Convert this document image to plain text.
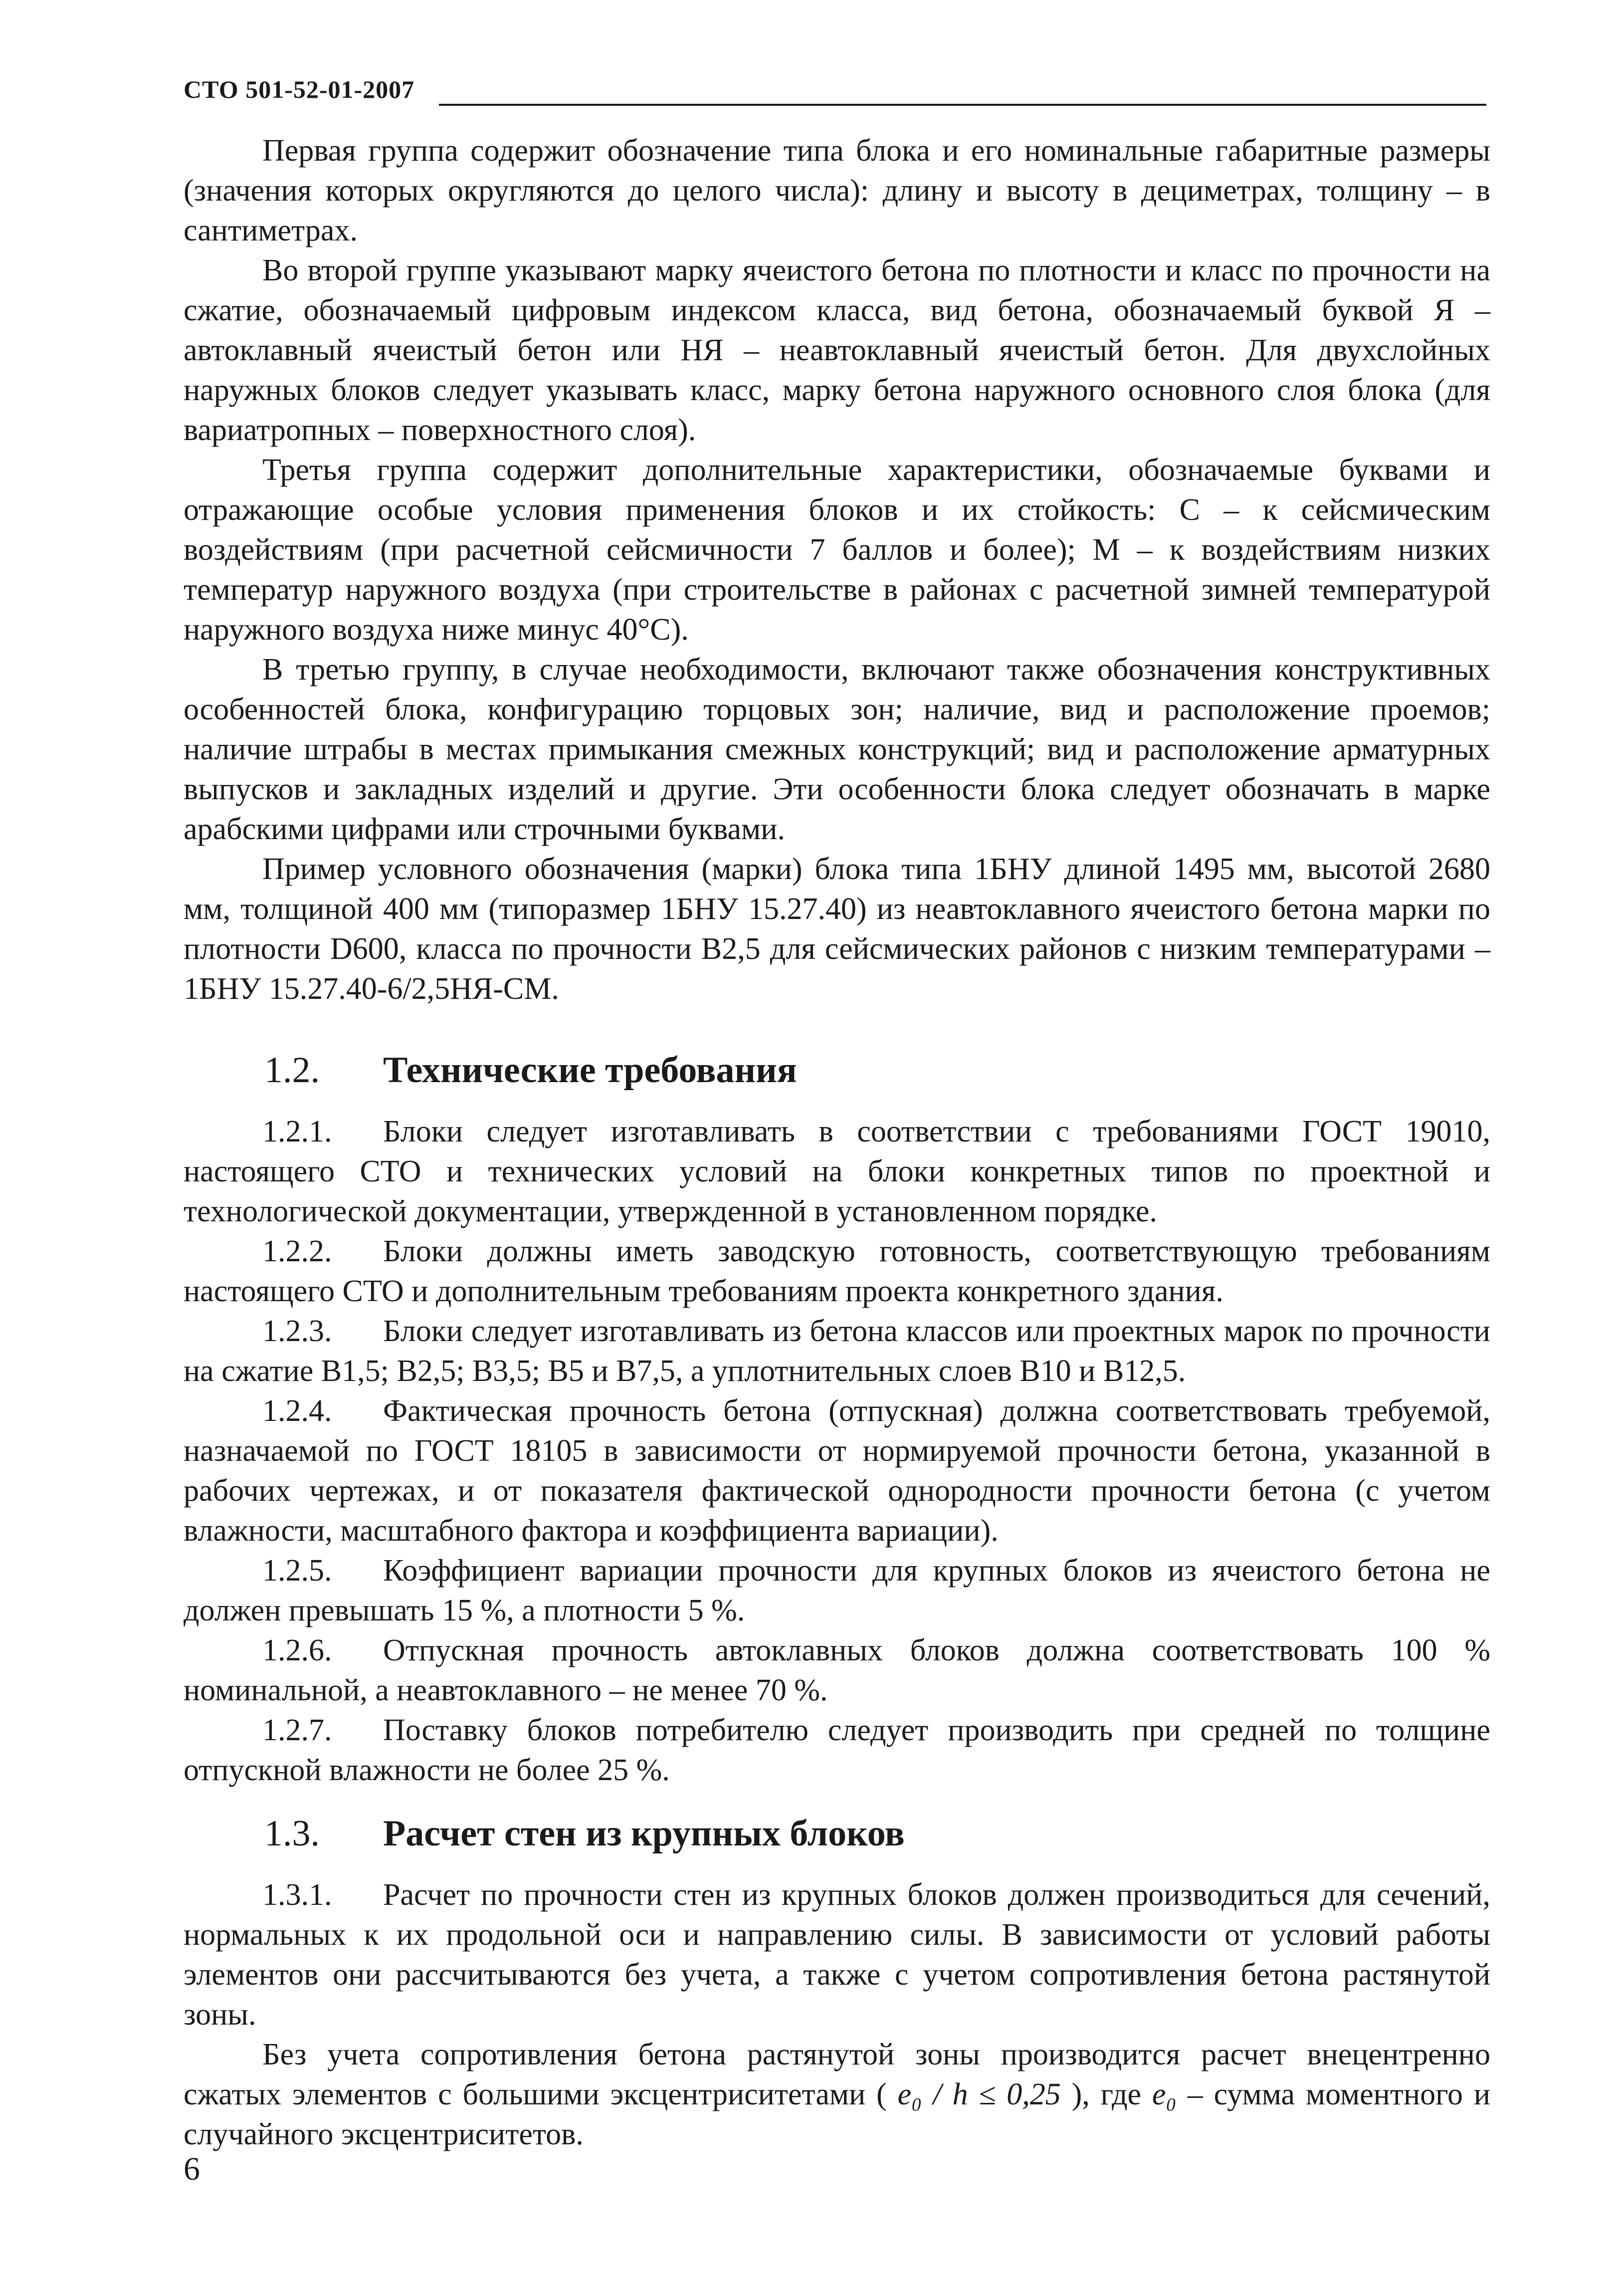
СТО 501-52-01-2007

Первая группа содержит обозначение типа блока и его номинальные габаритные размеры (значения которых округляются до целого числа): длину и высоту в дециметрах, толщину – в сантиметрах.

Во второй группе указывают марку ячеистого бетона по плотности и класс по прочности на сжатие, обозначаемый цифровым индексом класса, вид бетона, обозначаемый буквой Я – автоклавный ячеистый бетон или НЯ – неавтоклавный ячеистый бетон. Для двухслойных наружных блоков следует указывать класс, марку бетона наружного основного слоя блока (для вариатропных – поверхностного слоя).

Третья группа содержит дополнительные характеристики, обозначаемые буквами и отражающие особые условия применения блоков и их стойкость: С – к сейсмическим воздействиям (при расчетной сейсмичности 7 баллов и более); М – к воздействиям низких температур наружного воздуха (при строительстве в районах с расчетной зимней температурой наружного воздуха ниже минус 40°С).

В третью группу, в случае необходимости, включают также обозначения конструктивных особенностей блока, конфигурацию торцовых зон; наличие, вид и расположение проемов; наличие штрабы в местах примыкания смежных конструкций; вид и расположение арматурных выпусков и закладных изделий и другие. Эти особенности блока следует обозначать в марке арабскими цифрами или строчными буквами.

Пример условного обозначения (марки) блока типа 1БНУ длиной 1495 мм, высотой 2680 мм, толщиной 400 мм (типоразмер 1БНУ 15.27.40) из неавтоклавного ячеистого бетона марки по плотности D600, класса по прочности В2,5 для сейсмических районов с низким температурами – 1БНУ 15.27.40-6/2,5НЯ-СМ.

1.2. Технические требования

1.2.1. Блоки следует изготавливать в соответствии с требованиями ГОСТ 19010, настоящего СТО и технических условий на блоки конкретных типов по проектной и технологической документации, утвержденной в установленном порядке.

1.2.2. Блоки должны иметь заводскую готовность, соответствующую требованиям настоящего СТО и дополнительным требованиям проекта конкретного здания.

1.2.3. Блоки следует изготавливать из бетона классов или проектных марок по прочности на сжатие В1,5; В2,5; В3,5; В5 и В7,5, а уплотнительных слоев В10 и В12,5.

1.2.4. Фактическая прочность бетона (отпускная) должна соответствовать требуемой, назначаемой по ГОСТ 18105 в зависимости от нормируемой прочности бетона, указанной в рабочих чертежах, и от показателя фактической однородности прочности бетона (с учетом влажности, масштабного фактора и коэффициента вариации).

1.2.5. Коэффициент вариации прочности для крупных блоков из ячеистого бетона не должен превышать 15 %, а плотности 5 %.

1.2.6. Отпускная прочность автоклавных блоков должна соответствовать 100 % номинальной, а неавтоклавного – не менее 70 %.

1.2.7. Поставку блоков потребителю следует производить при средней по толщине отпускной влажности не более 25 %.

1.3. Расчет стен из крупных блоков

1.3.1. Расчет по прочности стен из крупных блоков должен производиться для сечений, нормальных к их продольной оси и направлению силы. В зависимости от условий работы элементов они рассчитываются без учета, а также с учетом сопротивления бетона растянутой зоны.

Без учета сопротивления бетона растянутой зоны производится расчет внецентренно сжатых элементов с большими эксцентриситетами ( e₀ / h ≤ 0,25 ), где e₀ – сумма моментного и случайного эксцентриситетов.

6
